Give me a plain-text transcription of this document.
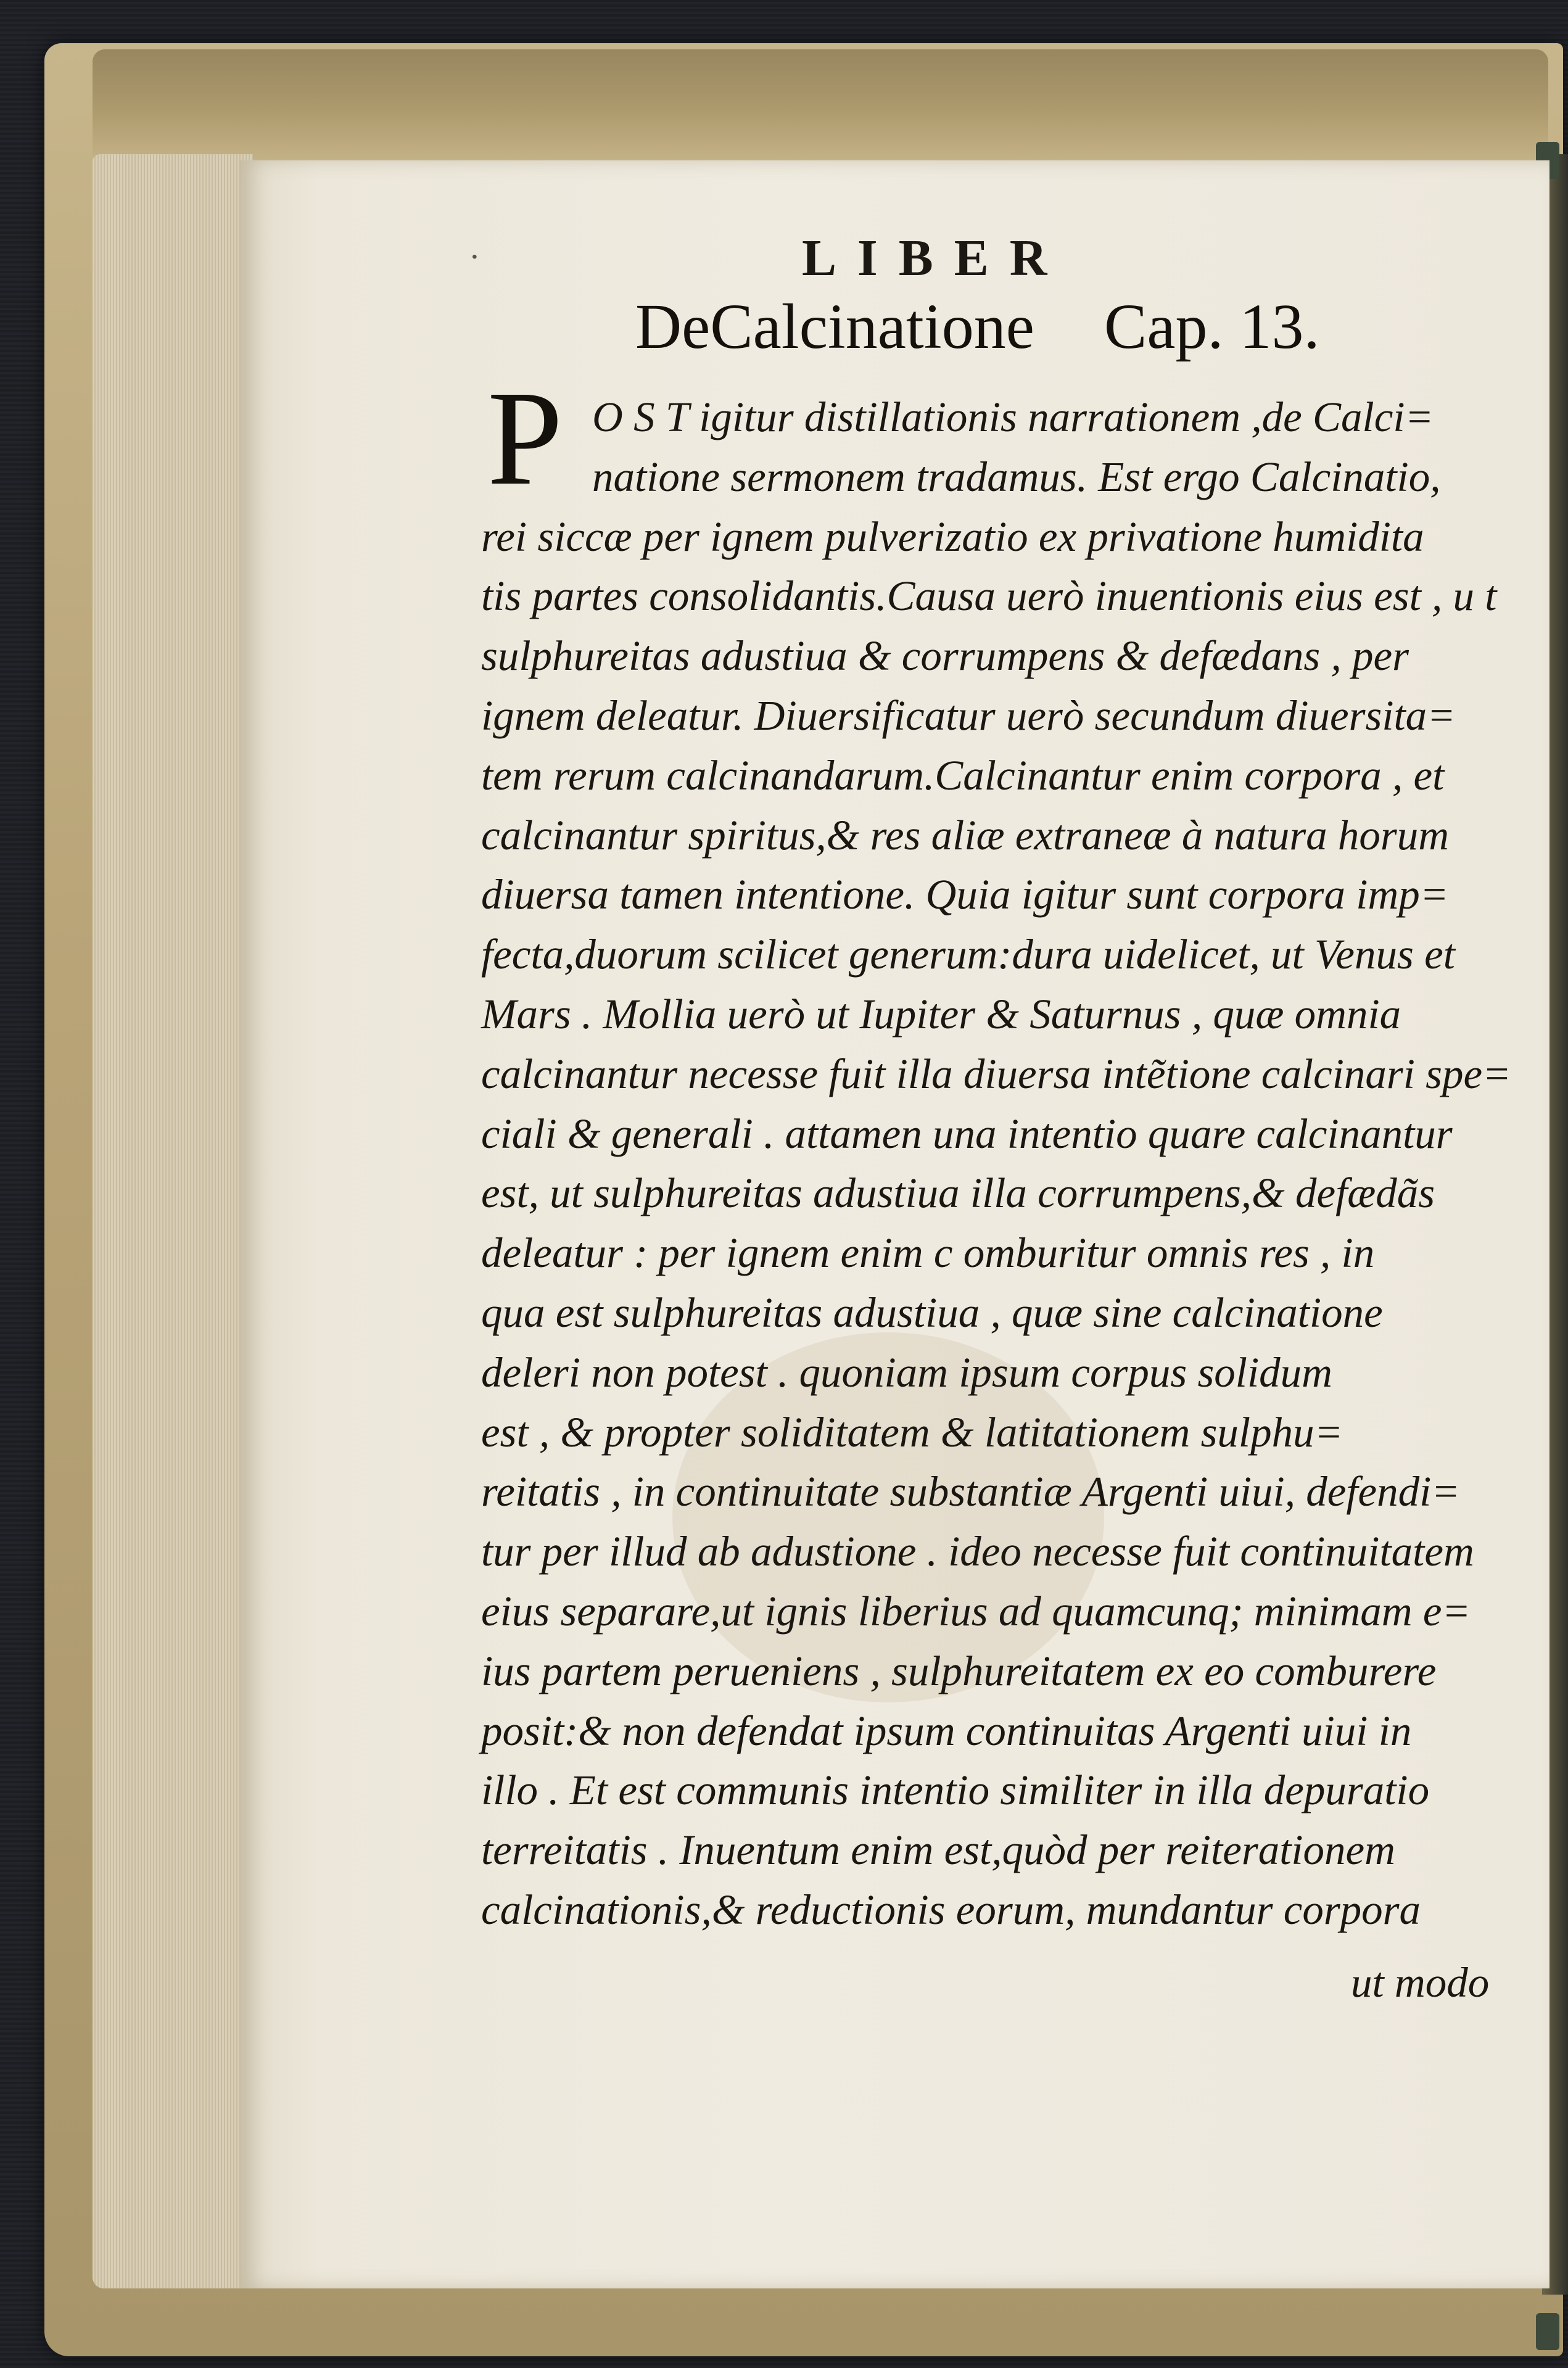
·	LIBER
DeCalcinatione Cap. 13.
P O S T igitur distillationis narrationem ,de Calci=
natione sermonem tradamus. Est ergo Calcinatio,
rei siccæ per ignem pulverizatio ex privatione humidita
tis partes consolidantis.Causa uerò inuentionis eius est , u t
sulphureitas adustiua & corrumpens & defædans , per
ignem deleatur. Diuersificatur uerò secundum diuersita=
tem rerum calcinandarum.Calcinantur enim corpora , et
calcinantur spiritus,& res aliæ extraneæ à natura horum
diuersa tamen intentione. Quia igitur sunt corpora imp=
fecta,duorum scilicet generum:dura uidelicet, ut Venus et
Mars . Mollia uerò ut Iupiter & Saturnus , quæ omnia
calcinantur necesse fuit illa diuersa intẽtione calcinari spe=
ciali & generali . attamen una intentio quare calcinantur
est, ut sulphureitas adustiua illa corrumpens,& defædãs
deleatur : per ignem enim c omburitur omnis res , in
qua est sulphureitas adustiua , quæ sine calcinatione
deleri non potest . quoniam ipsum corpus solidum
est , & propter soliditatem & latitationem sulphu=
reitatis , in continuitate substantiæ Argenti uiui, defendi=
tur per illud ab adustione . ideo necesse fuit continuitatem
eius separare,ut ignis liberius ad quamcunq; minimam e=
ius partem perueniens , sulphureitatem ex eo comburere
posit:& non defendat ipsum continuitas Argenti uiui in
illo . Et est communis intentio similiter in illa depuratio
terreitatis . Inuentum enim est,quòd per reiterationem
calcinationis,& reductionis eorum, mundantur corpora
ut modo
